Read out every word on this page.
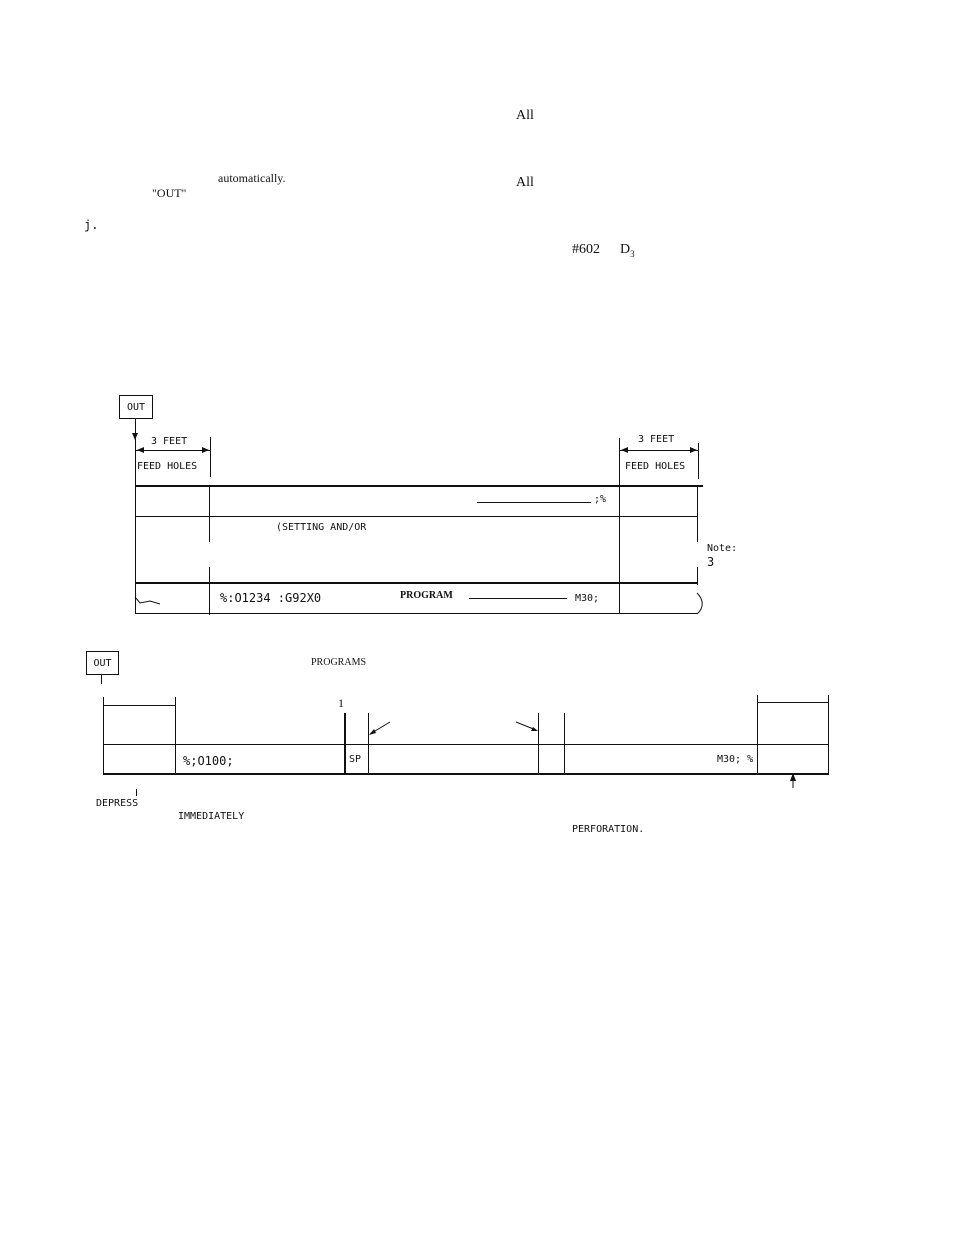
All
automatically.
"OUT"
All
j.
#602 $D_3$
OUT
3 FEET
FEED HOLES
3 FEET
FEED HOLES
;%
(SETTING AND/OR
Note:
3
%:O1234 :G92X0	PROGRAM	M30;
OUT	PROGRAMS
1
%;O100;	SP	M30; %
DEPRESS
IMMEDIATELY
PERFORATION.
